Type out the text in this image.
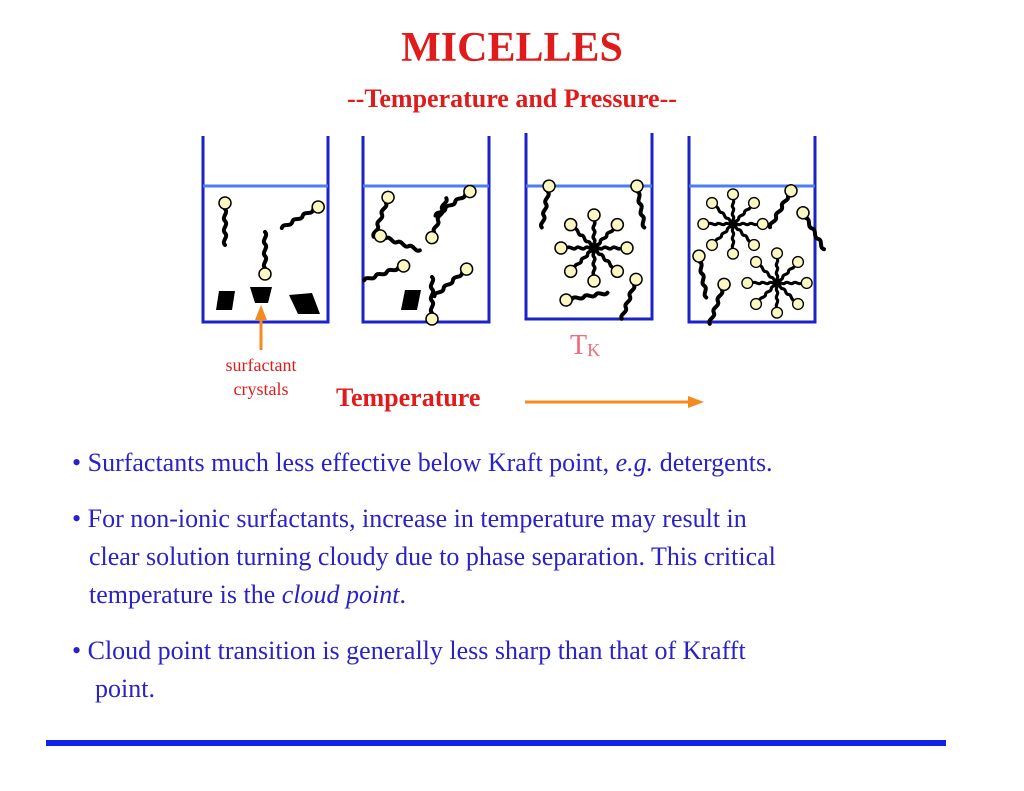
MICELLES
--Temperature and Pressure--
surfactant
crystals
$T_K$
Temperature

• Surfactants much less effective below Kraft point, e.g. detergents.

• For non-ionic surfactants, increase in temperature may result in
clear solution turning cloudy due to phase separation. This critical
temperature is the cloud point.

• Cloud point transition is generally less sharp than that of Krafft
point.
